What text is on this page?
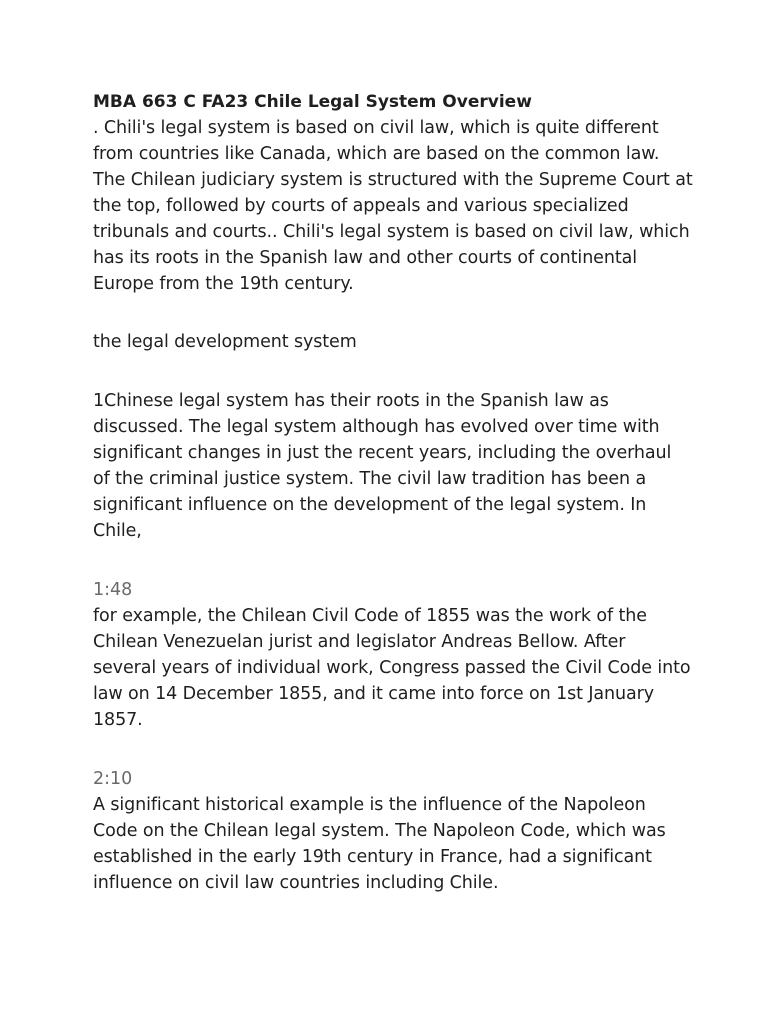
MBA 663 C FA23 Chile Legal System Overview

. Chili's legal system is based on civil law, which is quite different from countries like Canada, which are based on the common law. The Chilean judiciary system is structured with the Supreme Court at the top, followed by courts of appeals and various specialized tribunals and courts.. Chili's legal system is based on civil law, which has its roots in the Spanish law and other courts of continental Europe from the 19th century.

the legal development system

1Chinese legal system has their roots in the Spanish law as discussed. The legal system although has evolved over time with significant changes in just the recent years, including the overhaul of the criminal justice system. The civil law tradition has been a significant influence on the development of the legal system. In Chile,

1:48

for example, the Chilean Civil Code of 1855 was the work of the Chilean Venezuelan jurist and legislator Andreas Bellow. After several years of individual work, Congress passed the Civil Code into law on 14 December 1855, and it came into force on 1st January 1857.

2:10

A significant historical example is the influence of the Napoleon Code on the Chilean legal system. The Napoleon Code, which was established in the early 19th century in France, had a significant influence on civil law countries including Chile.
